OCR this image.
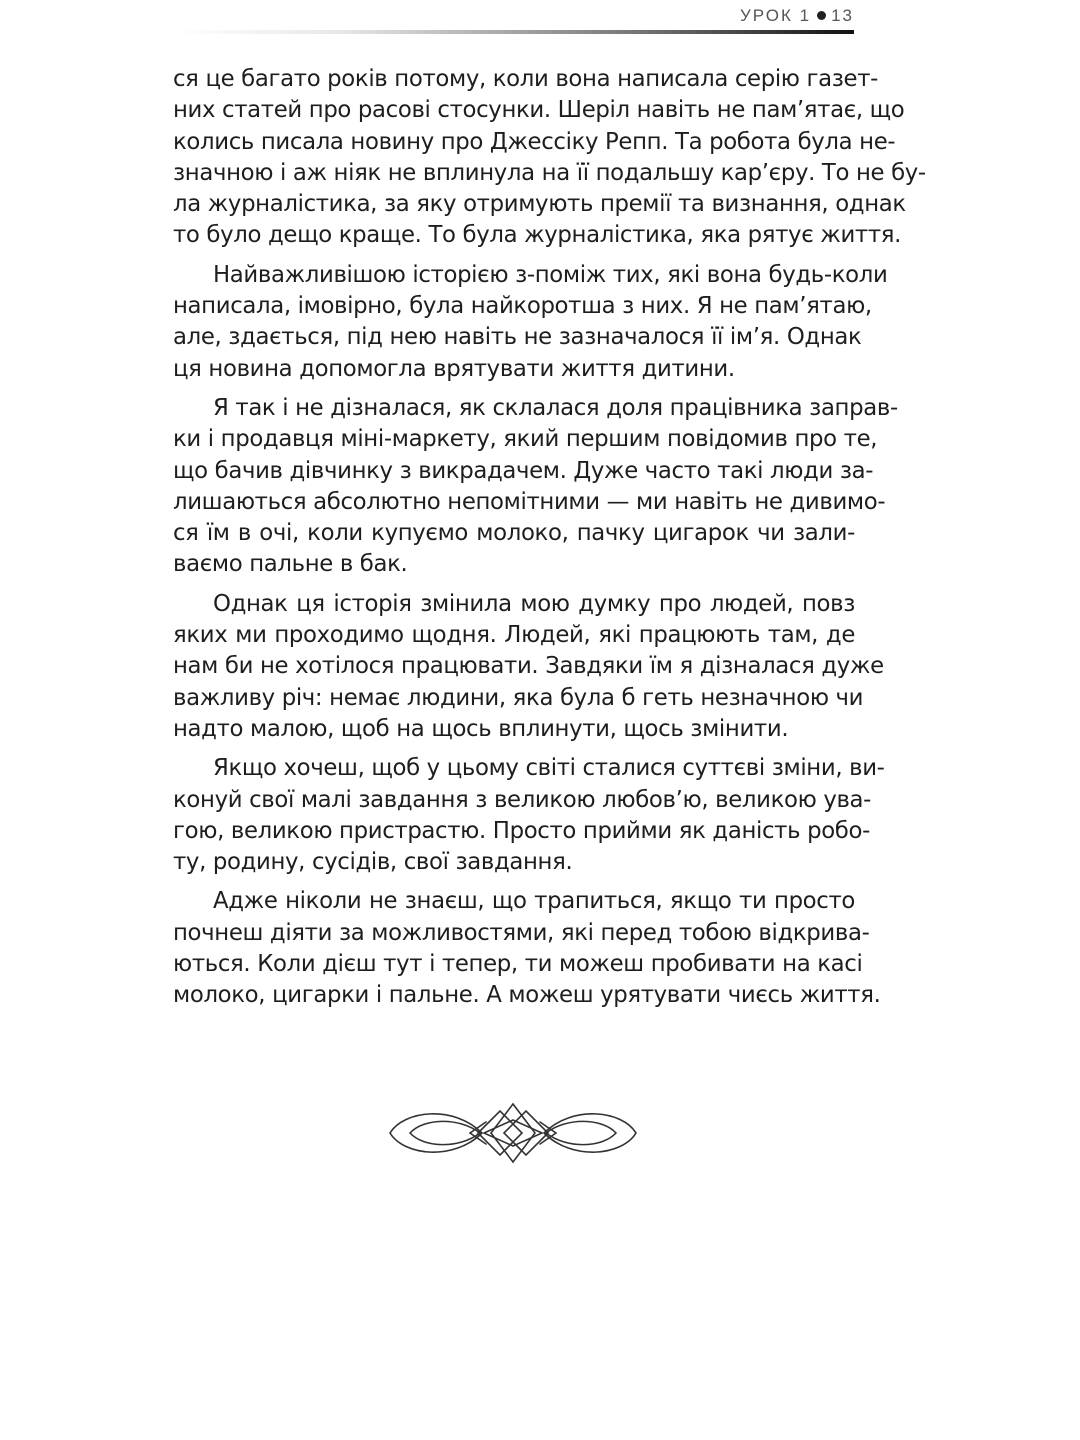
УРОК 1 13
ся це багато років потому, коли вона написала серію газет-
них статей про расові стосунки. Шеріл навіть не пам’ятає, що
колись писала новину про Джессіку Репп. Та робота була не-
значною і аж ніяк не вплинула на її подальшу кар’єру. То не бу-
ла журналістика, за яку отримують премії та визнання, однак
то було дещо краще. То була журналістика, яка рятує життя.
Найважливішою історією з-поміж тих, які вона будь-коли
написала, імовірно, була найкоротша з них. Я не пам’ятаю,
але, здається, під нею навіть не зазначалося її ім’я. Однак
ця новина допомогла врятувати життя дитини.
Я так і не дізналася, як склалася доля працівника заправ-
ки і продавця міні-маркету, який першим повідомив про те,
що бачив дівчинку з викрадачем. Дуже часто такі люди за-
лишаються абсолютно непомітними — ми навіть не дивимо-
ся їм в очі, коли купуємо молоко, пачку цигарок чи зали-
ваємо пальне в бак.
Однак ця історія змінила мою думку про людей, повз
яких ми проходимо щодня. Людей, які працюють там, де
нам би не хотілося працювати. Завдяки їм я дізналася дуже
важливу річ: немає людини, яка була б геть незначною чи
надто малою, щоб на щось вплинути, щось змінити.
Якщо хочеш, щоб у цьому світі сталися суттєві зміни, ви-
конуй свої малі завдання з великою любов’ю, великою ува-
гою, великою пристрастю. Просто прийми як даність робо-
ту, родину, сусідів, свої завдання.
Адже ніколи не знаєш, що трапиться, якщо ти просто
почнеш діяти за можливостями, які перед тобою відкрива-
ються. Коли дієш тут і тепер, ти можеш пробивати на касі
молоко, цигарки і пальне. А можеш урятувати чиєсь життя.
